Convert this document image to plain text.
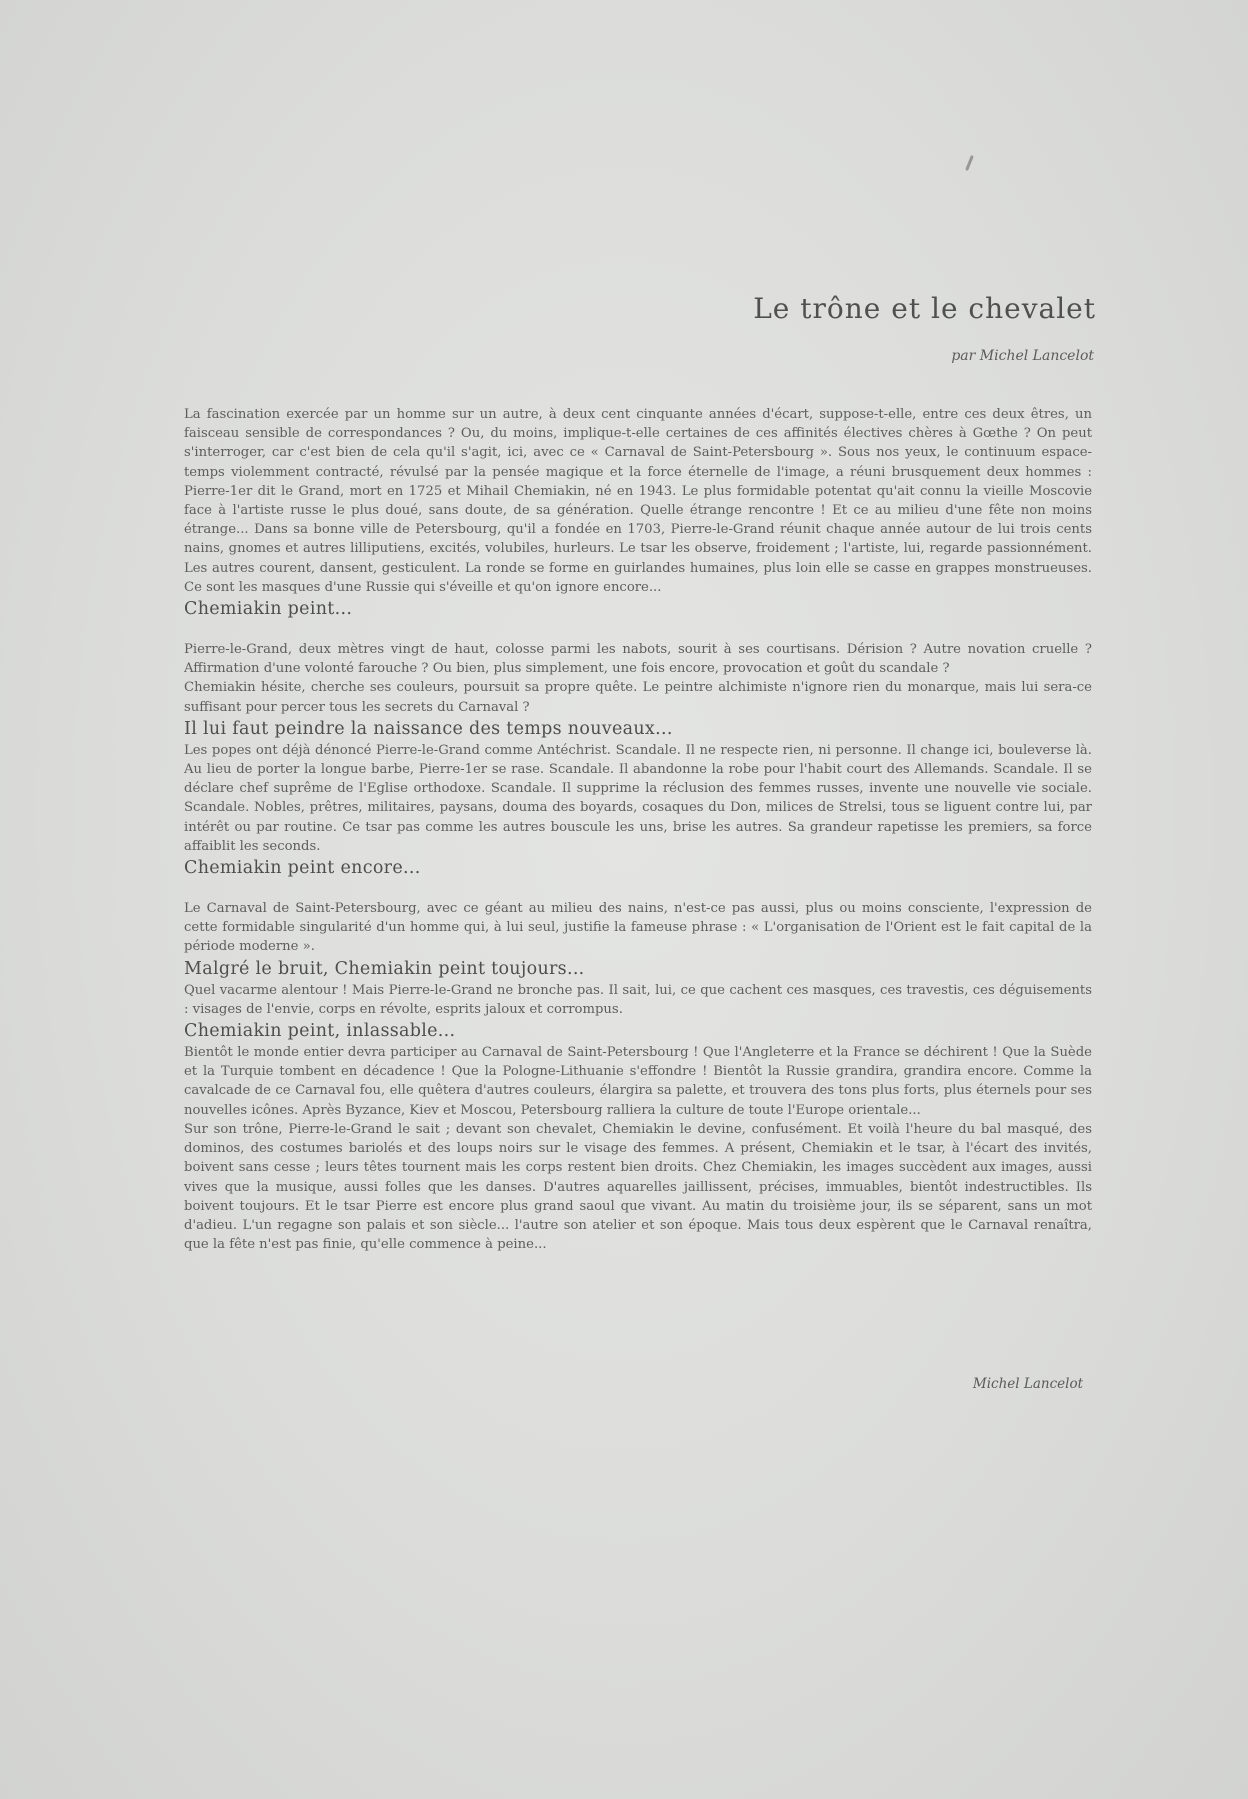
Le trône et le chevalet
par Michel Lancelot

La fascination exercée par un homme sur un autre, à deux cent cinquante années d'écart, suppose-t-elle, entre ces deux êtres, un faisceau sensible de correspondances ? Ou, du moins, implique-t-elle certaines de ces affinités électives chères à Gœthe ? On peut s'interroger, car c'est bien de cela qu'il s'agit, ici, avec ce « Carnaval de Saint-Petersbourg ». Sous nos yeux, le continuum espace-temps violemment contracté, révulsé par la pensée magique et la force éternelle de l'image, a réuni brusquement deux hommes : Pierre-1er dit le Grand, mort en 1725 et Mihail Chemiakin, né en 1943. Le plus formidable potentat qu'ait connu la vieille Moscovie face à l'artiste russe le plus doué, sans doute, de sa génération. Quelle étrange rencontre ! Et ce au milieu d'une fête non moins étrange... Dans sa bonne ville de Petersbourg, qu'il a fondée en 1703, Pierre-le-Grand réunit chaque année autour de lui trois cents nains, gnomes et autres lilliputiens, excités, volubiles, hurleurs. Le tsar les observe, froidement ; l'artiste, lui, regarde passionnément. Les autres courent, dansent, gesticulent. La ronde se forme en guirlandes humaines, plus loin elle se casse en grappes monstrueuses. Ce sont les masques d'une Russie qui s'éveille et qu'on ignore encore...

Chemiakin peint...

Pierre-le-Grand, deux mètres vingt de haut, colosse parmi les nabots, sourit à ses courtisans. Dérision ? Autre novation cruelle ? Affirmation d'une volonté farouche ? Ou bien, plus simplement, une fois encore, provocation et goût du scandale ?

Chemiakin hésite, cherche ses couleurs, poursuit sa propre quête. Le peintre alchimiste n'ignore rien du monarque, mais lui sera-ce suffisant pour percer tous les secrets du Carnaval ?

Il lui faut peindre la naissance des temps nouveaux...

Les popes ont déjà dénoncé Pierre-le-Grand comme Antéchrist. Scandale. Il ne respecte rien, ni personne. Il change ici, bouleverse là. Au lieu de porter la longue barbe, Pierre-1er se rase. Scandale. Il abandonne la robe pour l'habit court des Allemands. Scandale. Il se déclare chef suprême de l'Eglise orthodoxe. Scandale. Il supprime la réclusion des femmes russes, invente une nouvelle vie sociale. Scandale. Nobles, prêtres, militaires, paysans, douma des boyards, cosaques du Don, milices de Strelsi, tous se liguent contre lui, par intérêt ou par routine. Ce tsar pas comme les autres bouscule les uns, brise les autres. Sa grandeur rapetisse les premiers, sa force affaiblit les seconds.

Chemiakin peint encore...

Le Carnaval de Saint-Petersbourg, avec ce géant au milieu des nains, n'est-ce pas aussi, plus ou moins consciente, l'expression de cette formidable singularité d'un homme qui, à lui seul, justifie la fameuse phrase : « L'organisation de l'Orient est le fait capital de la période moderne ».

Malgré le bruit, Chemiakin peint toujours...

Quel vacarme alentour ! Mais Pierre-le-Grand ne bronche pas. Il sait, lui, ce que cachent ces masques, ces travestis, ces déguisements : visages de l'envie, corps en révolte, esprits jaloux et corrompus.

Chemiakin peint, inlassable...

Bientôt le monde entier devra participer au Carnaval de Saint-Petersbourg ! Que l'Angleterre et la France se déchirent ! Que la Suède et la Turquie tombent en décadence ! Que la Pologne-Lithuanie s'effondre ! Bientôt la Russie grandira, grandira encore. Comme la cavalcade de ce Carnaval fou, elle quêtera d'autres couleurs, élargira sa palette, et trouvera des tons plus forts, plus éternels pour ses nouvelles icônes. Après Byzance, Kiev et Moscou, Petersbourg ralliera la culture de toute l'Europe orientale...

Sur son trône, Pierre-le-Grand le sait ; devant son chevalet, Chemiakin le devine, confusément. Et voilà l'heure du bal masqué, des dominos, des costumes bariolés et des loups noirs sur le visage des femmes. A présent, Chemiakin et le tsar, à l'écart des invités, boivent sans cesse ; leurs têtes tournent mais les corps restent bien droits. Chez Chemiakin, les images succèdent aux images, aussi vives que la musique, aussi folles que les danses. D'autres aquarelles jaillissent, précises, immuables, bientôt indestructibles. Ils boivent toujours. Et le tsar Pierre est encore plus grand saoul que vivant. Au matin du troisième jour, ils se séparent, sans un mot d'adieu. L'un regagne son palais et son siècle... l'autre son atelier et son époque. Mais tous deux espèrent que le Carnaval renaîtra, que la fête n'est pas finie, qu'elle commence à peine...

Michel Lancelot
